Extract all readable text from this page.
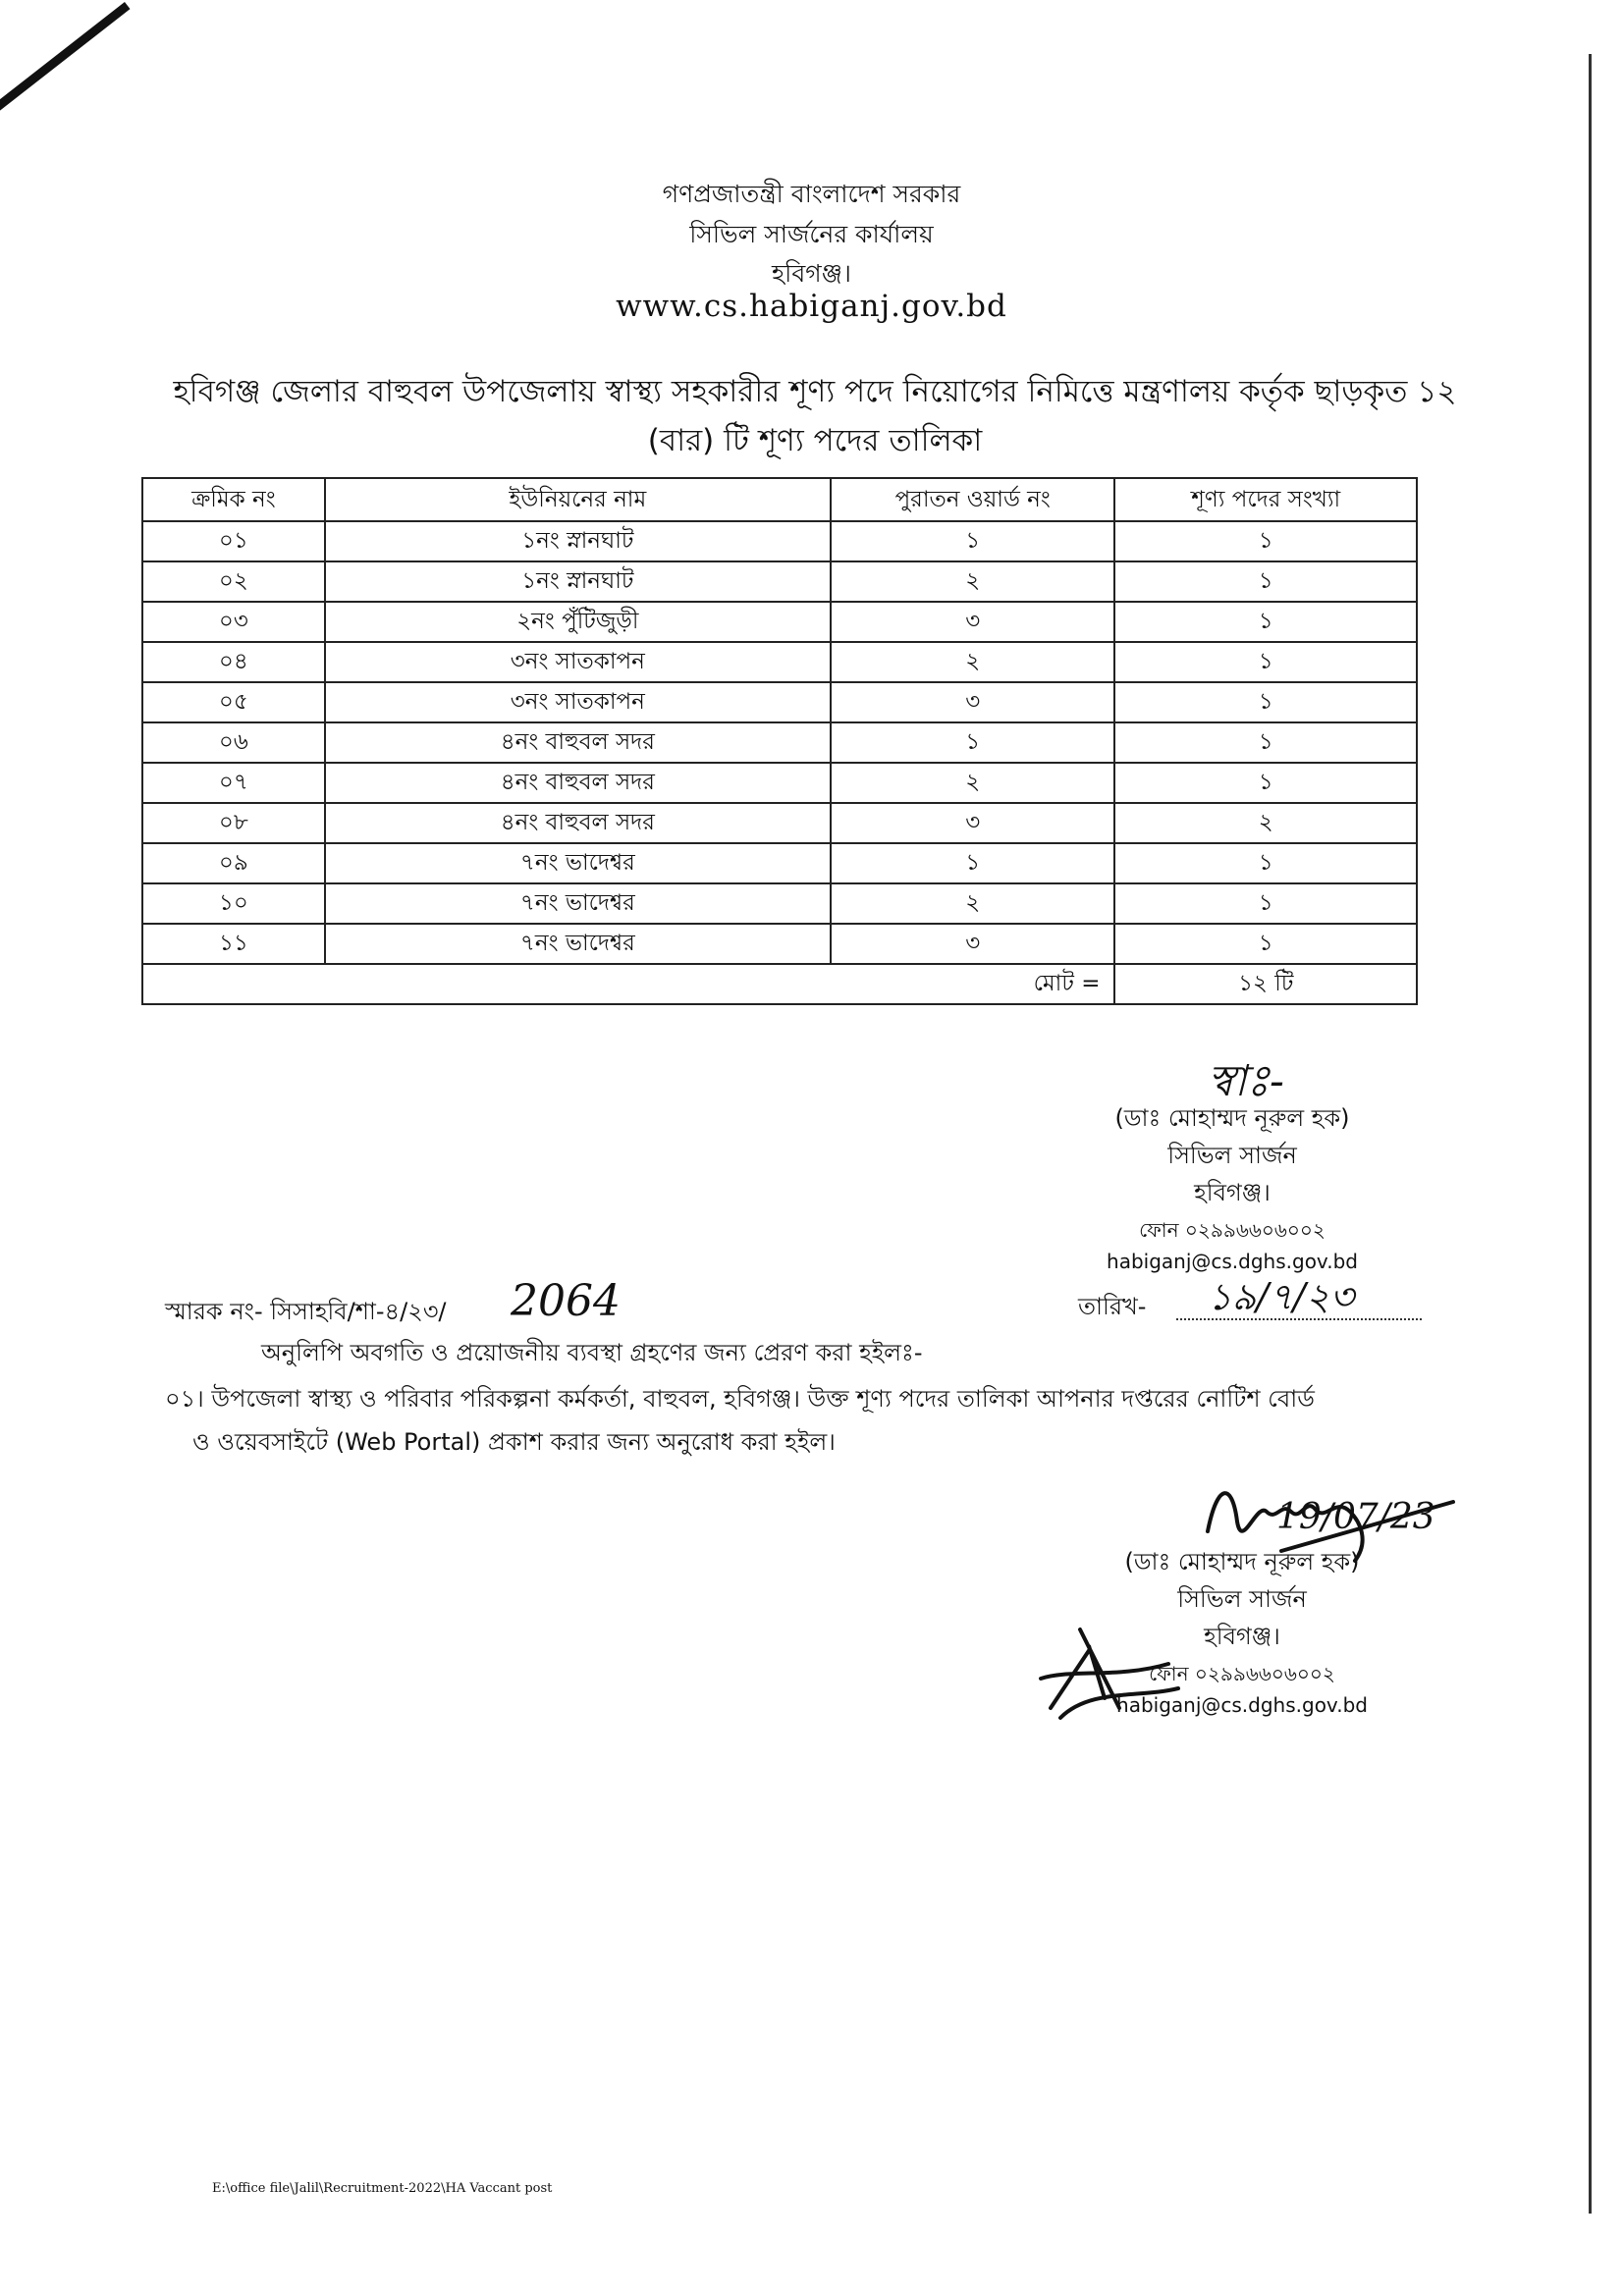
গণপ্রজাতন্ত্রী বাংলাদেশ সরকার
সিভিল সার্জনের কার্যালয়
হবিগঞ্জ।
www.cs.habiganj.gov.bd
হবিগঞ্জ জেলার বাহুবল উপজেলায় স্বাস্থ্য সহকারীর শূণ্য পদে নিয়োগের নিমিত্তে মন্ত্রণালয় কর্তৃক ছাড়কৃত ১২
(বার) টি শূণ্য পদের তালিকা
ক্রমিক নং	ইউনিয়নের নাম	পুরাতন ওয়ার্ড নং	শূণ্য পদের সংখ্যা
০১	১নং স্নানঘাট	১	১
০২	১নং স্নানঘাট	২	১
০৩	২নং পুঁটিজুড়ী	৩	১
০৪	৩নং সাতকাপন	২	১
০৫	৩নং সাতকাপন	৩	১
০৬	৪নং বাহুবল সদর	১	১
০৭	৪নং বাহুবল সদর	২	১
০৮	৪নং বাহুবল সদর	৩	২
০৯	৭নং ভাদেশ্বর	১	১
১০	৭নং ভাদেশ্বর	২	১
১১	৭নং ভাদেশ্বর	৩	১
মোট =			১২ টি
স্বাঃ-
(ডাঃ মোহাম্মদ নূরুল হক)
সিভিল সার্জন
হবিগঞ্জ।
ফোন ০২৯৯৬৬০৬০০২
habiganj@cs.dghs.gov.bd
স্মারক নং- সিসাহবি/শা-৪/২৩/ 2064	তারিখ- ১৯/৭/২৩
অনুলিপি অবগতি ও প্রয়োজনীয় ব্যবস্থা গ্রহণের জন্য প্রেরণ করা হইলঃ-
০১। উপজেলা স্বাস্থ্য ও পরিবার পরিকল্পনা কর্মকর্তা, বাহুবল, হবিগঞ্জ। উক্ত শূণ্য পদের তালিকা আপনার দপ্তরের নোটিশ বোর্ড
ও ওয়েবসাইটে (Web Portal) প্রকাশ করার জন্য অনুরোধ করা হইল।
19/07/23
(ডাঃ মোহাম্মদ নূরুল হক)
সিভিল সার্জন
হবিগঞ্জ।
ফোন ০২৯৯৬৬০৬০০২
habiganj@cs.dghs.gov.bd
E:\office file\Jalil\Recruitment-2022\HA Vaccant post
